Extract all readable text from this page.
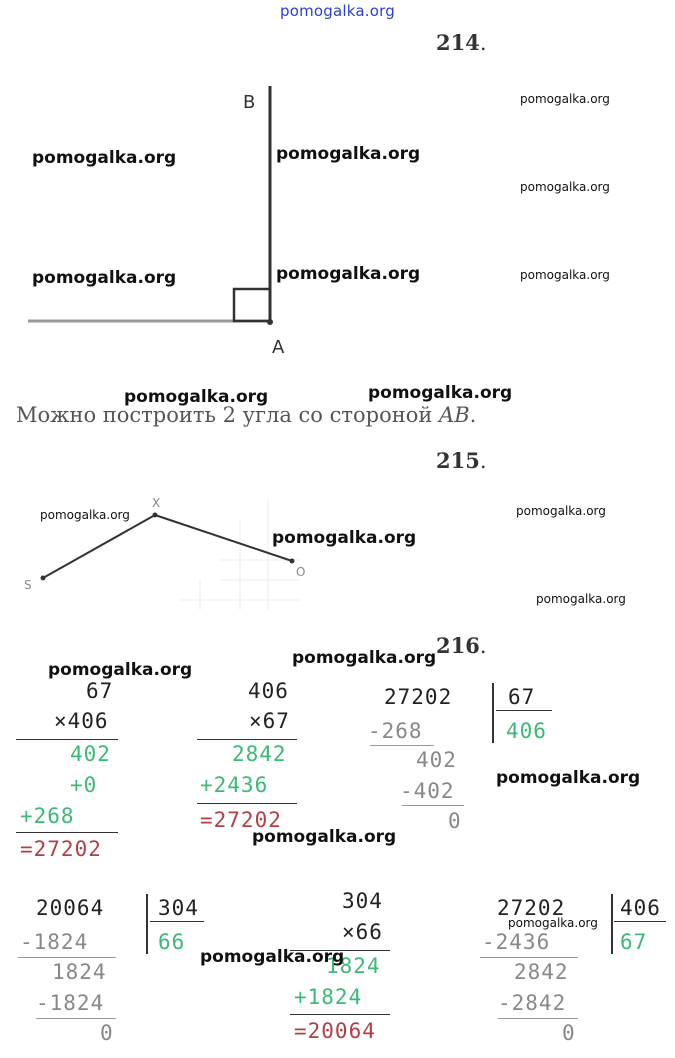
pomogalka.org
214.
B
A
pomogalka.org	pomogalka.org
pomogalka.org	pomogalka.org
pomogalka.org
pomogalka.org
pomogalka.org
Можно построить 2 угла со стороной AB.
pomogalka.org	pomogalka.org
215.
X
S
O
pomogalka.org
pomogalka.org
pomogalka.org
pomogalka.org
216.
pomogalka.org
pomogalka.org
67
×406
402
+0
+268
=27202
406
×67
2842
+2436
=27202
pomogalka.org
27202	67
406
-268
402
-402
0
pomogalka.org
20064	304
66
-1824
1824
-1824
0
304
×66
1824
+1824
=20064
pomogalka.org
27202	406
67
-2436
2842
-2842
0
pomogalka.org
